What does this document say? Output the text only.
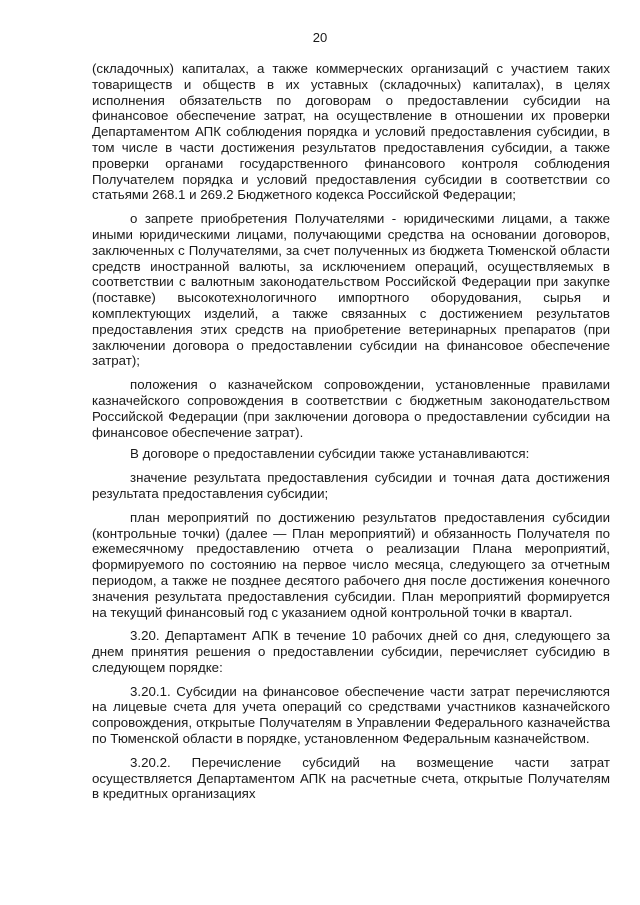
20

(складочных) капиталах, а также коммерческих организаций с участием таких товариществ и обществ в их уставных (складочных) капиталах), в целях исполнения обязательств по договорам о предоставлении субсидии на финансовое обеспечение затрат, на осуществление в отношении их проверки Департаментом АПК соблюдения порядка и условий предоставления субсидии, в том числе в части достижения результатов предоставления субсидии, а также проверки органами государственного финансового контроля соблюдения Получателем порядка и условий предоставления субсидии в соответствии со статьями 268.1 и 269.2 Бюджетного кодекса Российской Федерации;

о запрете приобретения Получателями - юридическими лицами, а также иными юридическими лицами, получающими средства на основании договоров, заключенных с Получателями, за счет полученных из бюджета Тюменской области средств иностранной валюты, за исключением операций, осуществляемых в соответствии с валютным законодательством Российской Федерации при закупке (поставке) высокотехнологичного импортного оборудования, сырья и комплектующих изделий, а также связанных с достижением результатов предоставления этих средств на приобретение ветеринарных препаратов (при заключении договора о предоставлении субсидии на финансовое обеспечение затрат);

положения о казначейском сопровождении, установленные правилами казначейского сопровождения в соответствии с бюджетным законодательством Российской Федерации (при заключении договора о предоставлении субсидии на финансовое обеспечение затрат).

В договоре о предоставлении субсидии также устанавливаются:

значение результата предоставления субсидии и точная дата достижения результата предоставления субсидии;

план мероприятий по достижению результатов предоставления субсидии (контрольные точки) (далее — План мероприятий) и обязанность Получателя по ежемесячному предоставлению отчета о реализации Плана мероприятий, формируемого по состоянию на первое число месяца, следующего за отчетным периодом, а также не позднее десятого рабочего дня после достижения конечного значения результата предоставления субсидии. План мероприятий формируется на текущий финансовый год с указанием одной контрольной точки в квартал.

3.20. Департамент АПК в течение 10 рабочих дней со дня, следующего за днем принятия решения о предоставлении субсидии, перечисляет субсидию в следующем порядке:

3.20.1. Субсидии на финансовое обеспечение части затрат перечисляются на лицевые счета для учета операций со средствами участников казначейского сопровождения, открытые Получателям в Управлении Федерального казначейства по Тюменской области в порядке, установленном Федеральным казначейством.

3.20.2. Перечисление субсидий на возмещение части затрат осуществляется Департаментом АПК на расчетные счета, открытые Получателям в кредитных организациях
